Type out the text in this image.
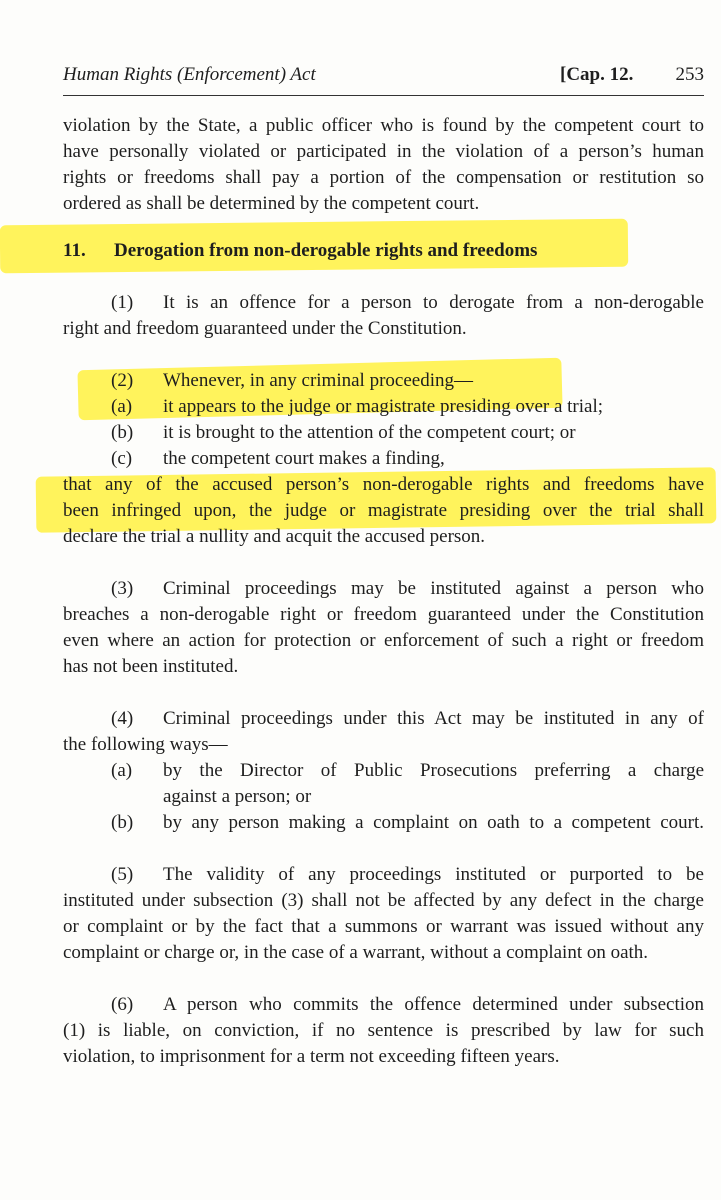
Human Rights (Enforcement) Act	[Cap. 12. 253
violation by the State, a public officer who is found by the competent court to
have personally violated or participated in the violation of a person’s human
rights or freedoms shall pay a portion of the compensation or restitution so
ordered as shall be determined by the competent court.
11. Derogation from non-derogable rights and freedoms
(1) It is an offence for a person to derogate from a non-derogable
right and freedom guaranteed under the Constitution.
(2) Whenever, in any criminal proceeding—
(a) it appears to the judge or magistrate presiding over a trial;
(b) it is brought to the attention of the competent court; or
(c) the competent court makes a finding,
that any of the accused person’s non-derogable rights and freedoms have
been infringed upon, the judge or magistrate presiding over the trial shall
declare the trial a nullity and acquit the accused person.
(3) Criminal proceedings may be instituted against a person who
breaches a non-derogable right or freedom guaranteed under the Constitution
even where an action for protection or enforcement of such a right or freedom
has not been instituted.
(4) Criminal proceedings under this Act may be instituted in any of
the following ways—
(a) by the Director of Public Prosecutions preferring a charge
against a person; or
(b) by any person making a complaint on oath to a competent court.
(5) The validity of any proceedings instituted or purported to be
instituted under subsection (3) shall not be affected by any defect in the charge
or complaint or by the fact that a summons or warrant was issued without any
complaint or charge or, in the case of a warrant, without a complaint on oath.
(6) A person who commits the offence determined under subsection
(1) is liable, on conviction, if no sentence is prescribed by law for such
violation, to imprisonment for a term not exceeding fifteen years.
